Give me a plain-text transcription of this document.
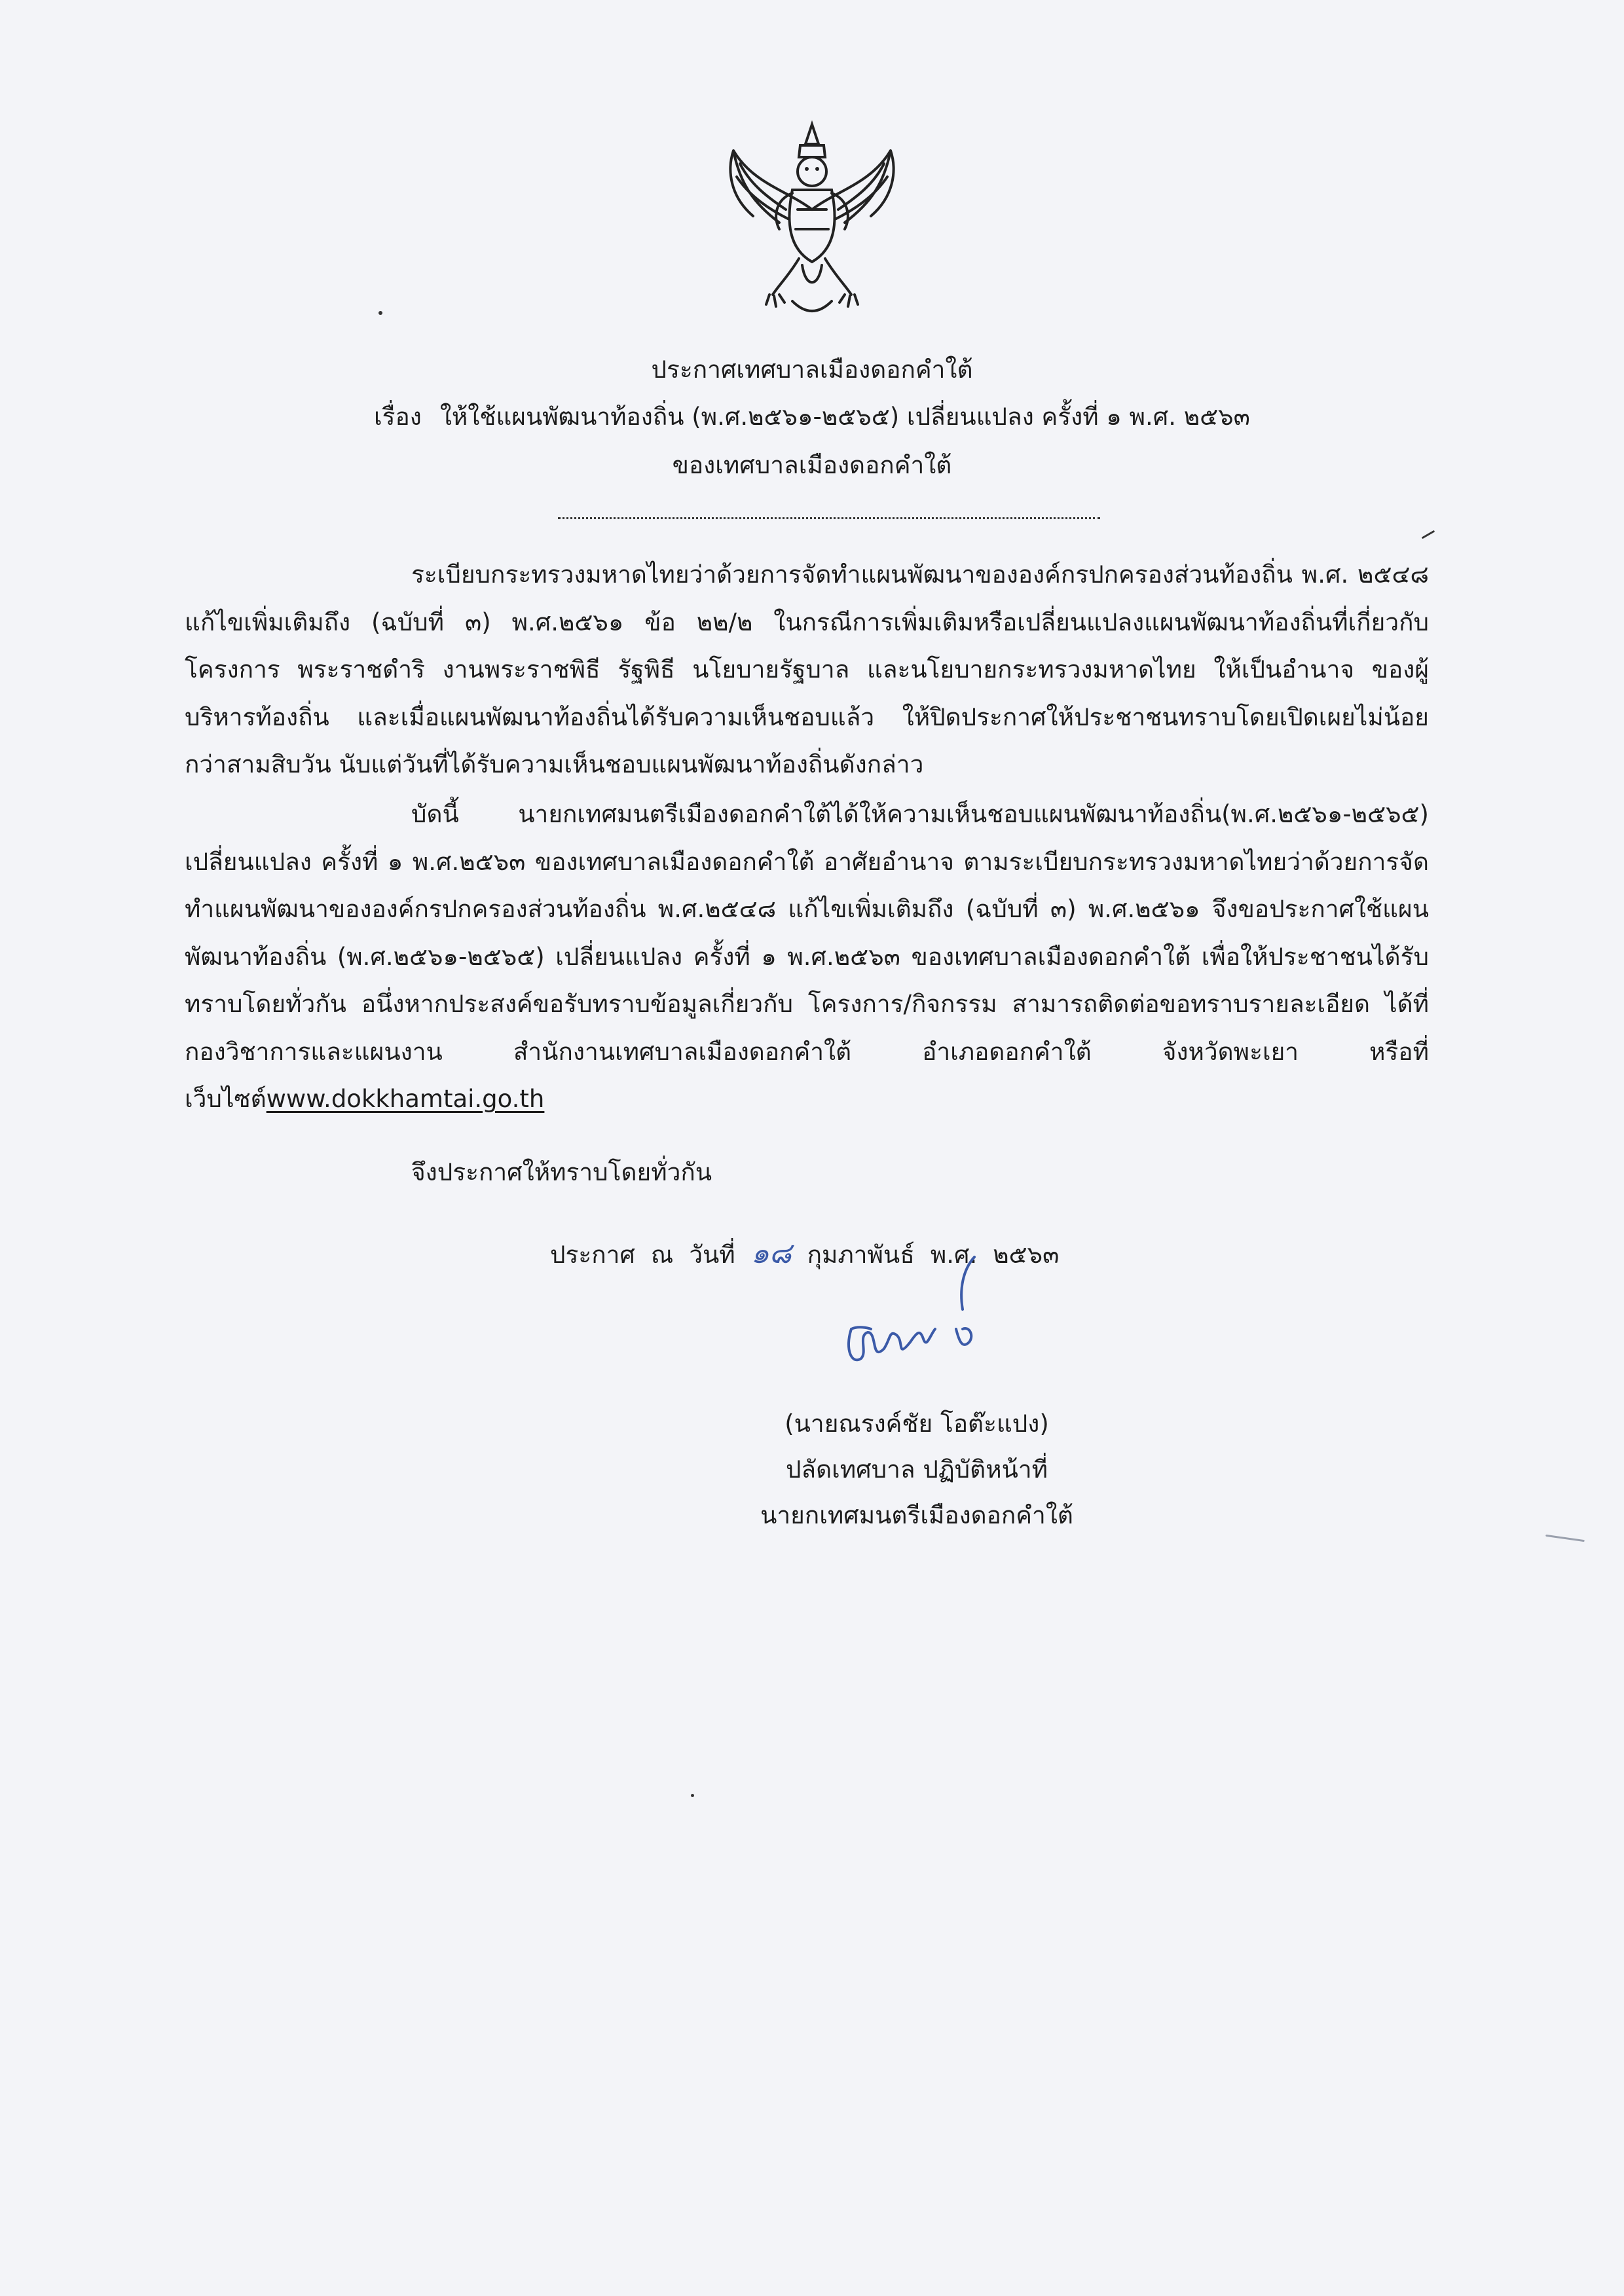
ประกาศเทศบาลเมืองดอกคำใต้
เรื่อง ให้ใช้แผนพัฒนาท้องถิ่น (พ.ศ.๒๕๖๑-๒๕๖๕) เปลี่ยนแปลง ครั้งที่ ๑ พ.ศ. ๒๕๖๓
ของเทศบาลเมืองดอกคำใต้

ระเบียบกระทรวงมหาดไทยว่าด้วยการจัดทำแผนพัฒนาขององค์กรปกครองส่วนท้องถิ่น พ.ศ. ๒๕๔๘ แก้ไขเพิ่มเติมถึง (ฉบับที่ ๓) พ.ศ.๒๕๖๑ ข้อ ๒๒/๒ ในกรณีการเพิ่มเติมหรือเปลี่ยนแปลงแผนพัฒนาท้องถิ่นที่เกี่ยวกับโครงการ พระราชดำริ งานพระราชพิธี รัฐพิธี นโยบายรัฐบาล และนโยบายกระทรวงมหาดไทย ให้เป็นอำนาจ ของผู้บริหารท้องถิ่น และเมื่อแผนพัฒนาท้องถิ่นได้รับความเห็นชอบแล้ว ให้ปิดประกาศให้ประชาชนทราบโดยเปิดเผยไม่น้อยกว่าสามสิบวัน นับแต่วันที่ได้รับความเห็นชอบแผนพัฒนาท้องถิ่นดังกล่าว

บัดนี้ นายกเทศมนตรีเมืองดอกคำใต้ได้ให้ความเห็นชอบแผนพัฒนาท้องถิ่น(พ.ศ.๒๕๖๑-๒๕๖๕) เปลี่ยนแปลง ครั้งที่ ๑ พ.ศ.๒๕๖๓ ของเทศบาลเมืองดอกคำใต้ อาศัยอำนาจ ตามระเบียบกระทรวงมหาดไทยว่าด้วยการจัดทำแผนพัฒนาขององค์กรปกครองส่วนท้องถิ่น พ.ศ.๒๕๔๘ แก้ไขเพิ่มเติมถึง (ฉบับที่ ๓) พ.ศ.๒๕๖๑ จึงขอประกาศใช้แผนพัฒนาท้องถิ่น (พ.ศ.๒๕๖๑-๒๕๖๕) เปลี่ยนแปลง ครั้งที่ ๑ พ.ศ.๒๕๖๓ ของเทศบาลเมืองดอกคำใต้ เพื่อให้ประชาชนได้รับทราบโดยทั่วกัน อนึ่งหากประสงค์ขอรับทราบข้อมูลเกี่ยวกับ โครงการ/กิจกรรม สามารถติดต่อขอทราบรายละเอียด ได้ที่กองวิชาการและแผนงาน สำนักงานเทศบาลเมืองดอกคำใต้ อำเภอดอกคำใต้ จังหวัดพะเยา หรือที่ เว็บไซต์www.dokkhamtai.go.th

จึงประกาศให้ทราบโดยทั่วกัน
ประกาศ ณ วันที่ ๑๘ กุมภาพันธ์ พ.ศ. ๒๕๖๓
(นายณรงค์ชัย โอต๊ะแปง)
ปลัดเทศบาล ปฏิบัติหน้าที่
นายกเทศมนตรีเมืองดอกคำใต้
